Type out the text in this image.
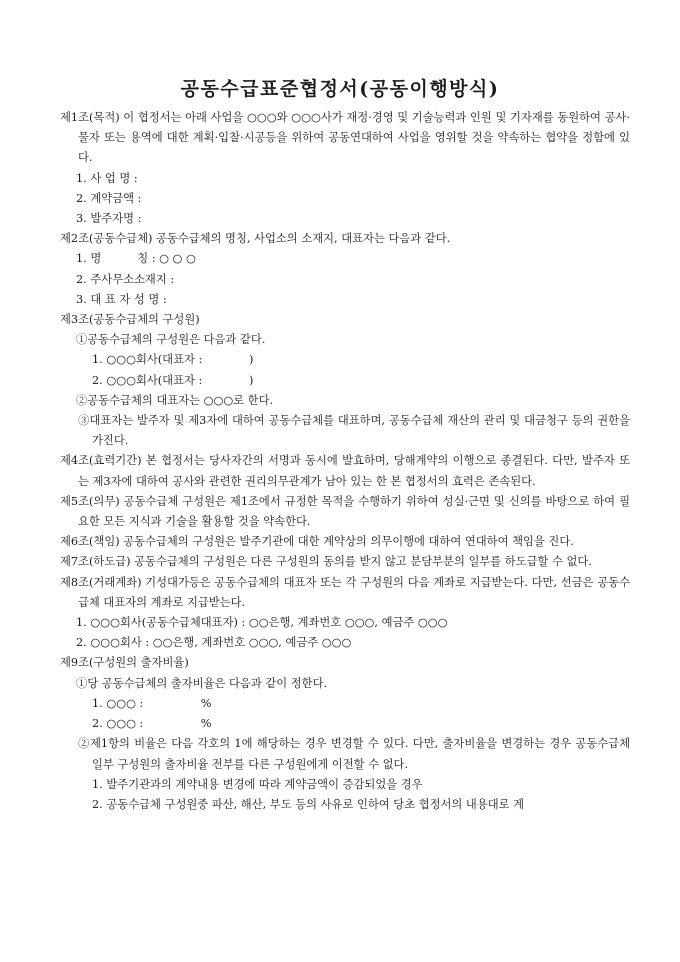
공동수급표준협정서(공동이행방식)

제1조(목적) 이 협정서는 아래 사업을 ○○○와 ○○○사가 재정·경영 및 기술능력과 인원 및 기자재를 동원하여 공사·물자 또는 용역에 대한 계획·입찰·시공등을 위하여 공동연대하여 사업을 영위할 것을 약속하는 협약을 정함에 있다.

1. 사 업 명 :

2. 계약금액 :

3. 발주자명 :

제2조(공동수급체) 공동수급체의 명칭, 사업소의 소재지, 대표자는 다음과 같다.

1. 명          칭 : ○ ○ ○

2. 주사무소소재지 :

3. 대 표 자 성 명 :

제3조(공동수급체의 구성원)

①공동수급체의 구성원은 다음과 같다.

1. ○○○회사(대표자 :             )

2. ○○○회사(대표자 :             )

②공동수급체의 대표자는 ○○○로 한다.

③대표자는 발주자 및 제3자에 대하여 공동수급체를 대표하며, 공동수급체 재산의 관리 및 대금청구 등의 권한을 가진다.

제4조(효력기간) 본 협정서는 당사자간의 서명과 동시에 발효하며, 당해계약의 이행으로 종결된다. 다만, 발주자 또는 제3자에 대하여 공사와 관련한 권리의무관계가 남아 있는 한 본 협정서의 효력은 존속된다.

제5조(의무) 공동수급체 구성원은 제1조에서 규정한 목적을 수행하기 위하여 성실·근면 및 신의를 바탕으로 하여 필요한 모든 지식과 기술을 활용할 것을 약속한다.

제6조(책임) 공동수급체의 구성원은 발주기관에 대한 계약상의 의무이행에 대하여 연대하여 책임을 진다.

제7조(하도급) 공동수급체의 구성원은 다른 구성원의 동의를 받지 않고 분담부분의 일부를 하도급할 수 없다.

제8조(거래계좌) 기성대가등은 공동수급체의 대표자 또는 각 구성원의 다음 계좌로 지급받는다. 다만, 선금은 공동수급체 대표자의 계좌로 지급받는다.

1. ○○○회사(공동수급체대표자) : ○○은행, 계좌번호 ○○○, 예금주 ○○○

2. ○○○회사 : ○○은행, 계좌번호 ○○○, 예금주 ○○○

제9조(구성원의 출자비율)

①당 공동수급체의 출자비율은 다음과 같이 정한다.

1. ○○○ :                %

2. ○○○ :                %

②제1항의 비율은 다음 각호의 1에 해당하는 경우 변경할 수 있다. 다만, 출자비율을 변경하는 경우 공동수급체 일부 구성원의 출자비율 전부를 다른 구성원에게 이전할 수 없다.

1. 발주기관과의 계약내용 변경에 따라 계약금액이 증감되었을 경우

2. 공동수급체 구성원중 파산, 해산, 부도 등의 사유로 인하여 당초 협정서의 내용대로 계
